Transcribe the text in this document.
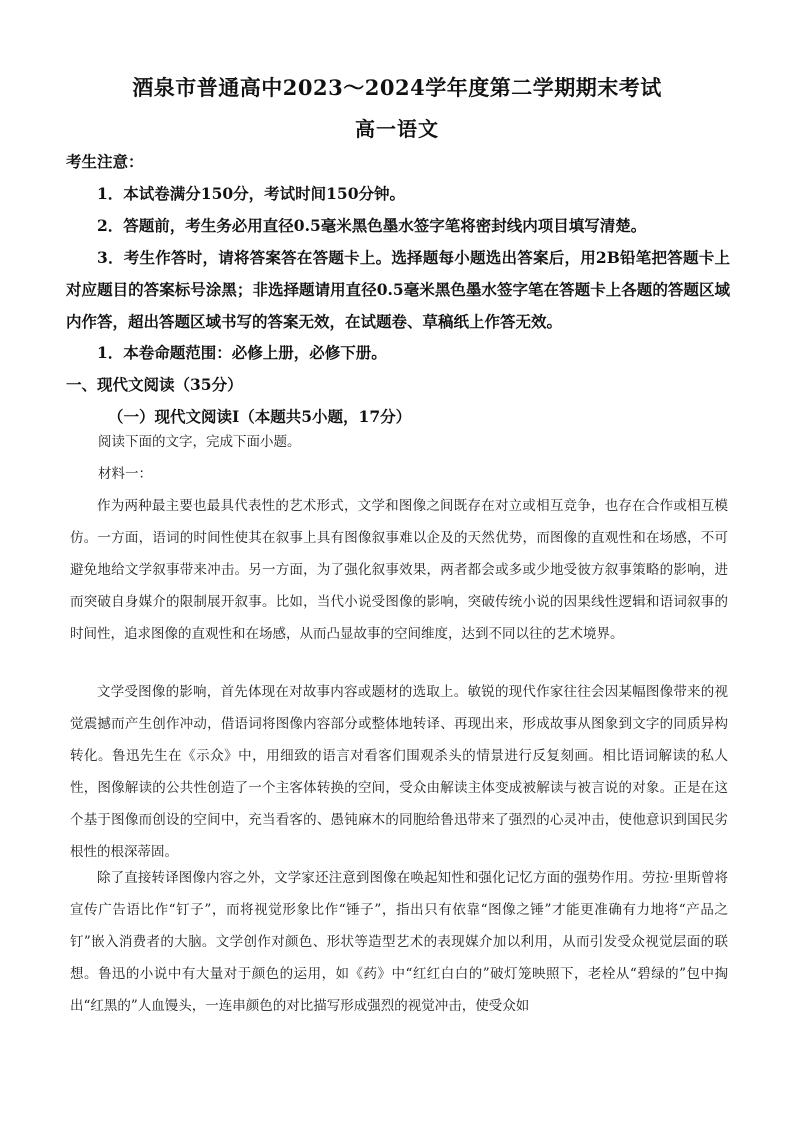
酒泉市普通高中2023～2024学年度第二学期期末考试
高一语文
考生注意：
1．本试卷满分150分，考试时间150分钟。
2．答题前，考生务必用直径0.5毫米黑色墨水签字笔将密封线内项目填写清楚。
3．考生作答时，请将答案答在答题卡上。选择题每小题选出答案后，用2B铅笔把答题卡上对应题目的答案标号涂黑；非选择题请用直径0.5毫米黑色墨水签字笔在答题卡上各题的答题区域内作答，超出答题区域书写的答案无效，在试题卷、草稿纸上作答无效。
1．本卷命题范围：必修上册，必修下册。
一、现代文阅读（35分）
（一）现代文阅读Ⅰ（本题共5小题，17分）
阅读下面的文字，完成下面小题。
材料一：
作为两种最主要也最具代表性的艺术形式，文学和图像之间既存在对立或相互竞争，也存在合作或相互模仿。一方面，语词的时间性使其在叙事上具有图像叙事难以企及的天然优势，而图像的直观性和在场感，不可避免地给文学叙事带来冲击。另一方面，为了强化叙事效果，两者都会或多或少地受彼方叙事策略的影响，进而突破自身媒介的限制展开叙事。比如，当代小说受图像的影响，突破传统小说的因果线性逻辑和语词叙事的时间性，追求图像的直观性和在场感，从而凸显故事的空间维度，达到不同以往的艺术境界。
文学受图像的影响，首先体现在对故事内容或题材的选取上。敏锐的现代作家往往会因某幅图像带来的视觉震撼而产生创作冲动，借语词将图像内容部分或整体地转译、再现出来，形成故事从图象到文字的同质异构转化。鲁迅先生在《示众》中，用细致的语言对看客们围观杀头的情景进行反复刻画。相比语词解读的私人性，图像解读的公共性创造了一个主客体转换的空间，受众由解读主体变成被解读与被言说的对象。正是在这个基于图像而创设的空间中，充当看客的、愚钝麻木的同胞给鲁迅带来了强烈的心灵冲击，使他意识到国民劣根性的根深蒂固。
除了直接转译图像内容之外，文学家还注意到图像在唤起知性和强化记忆方面的强势作用。劳拉·里斯曾将宣传广告语比作“钉子”，而将视觉形象比作“锤子”，指出只有依靠“图像之锤”才能更准确有力地将“产品之钉”嵌入消费者的大脑。文学创作对颜色、形状等造型艺术的表现媒介加以利用，从而引发受众视觉层面的联想。鲁迅的小说中有大量对于颜色的运用，如《药》中“红红白白的”破灯笼映照下，老栓从“碧绿的”包中掏出“红黑的”人血馒头，一连串颜色的对比描写形成强烈的视觉冲击，使受众如
